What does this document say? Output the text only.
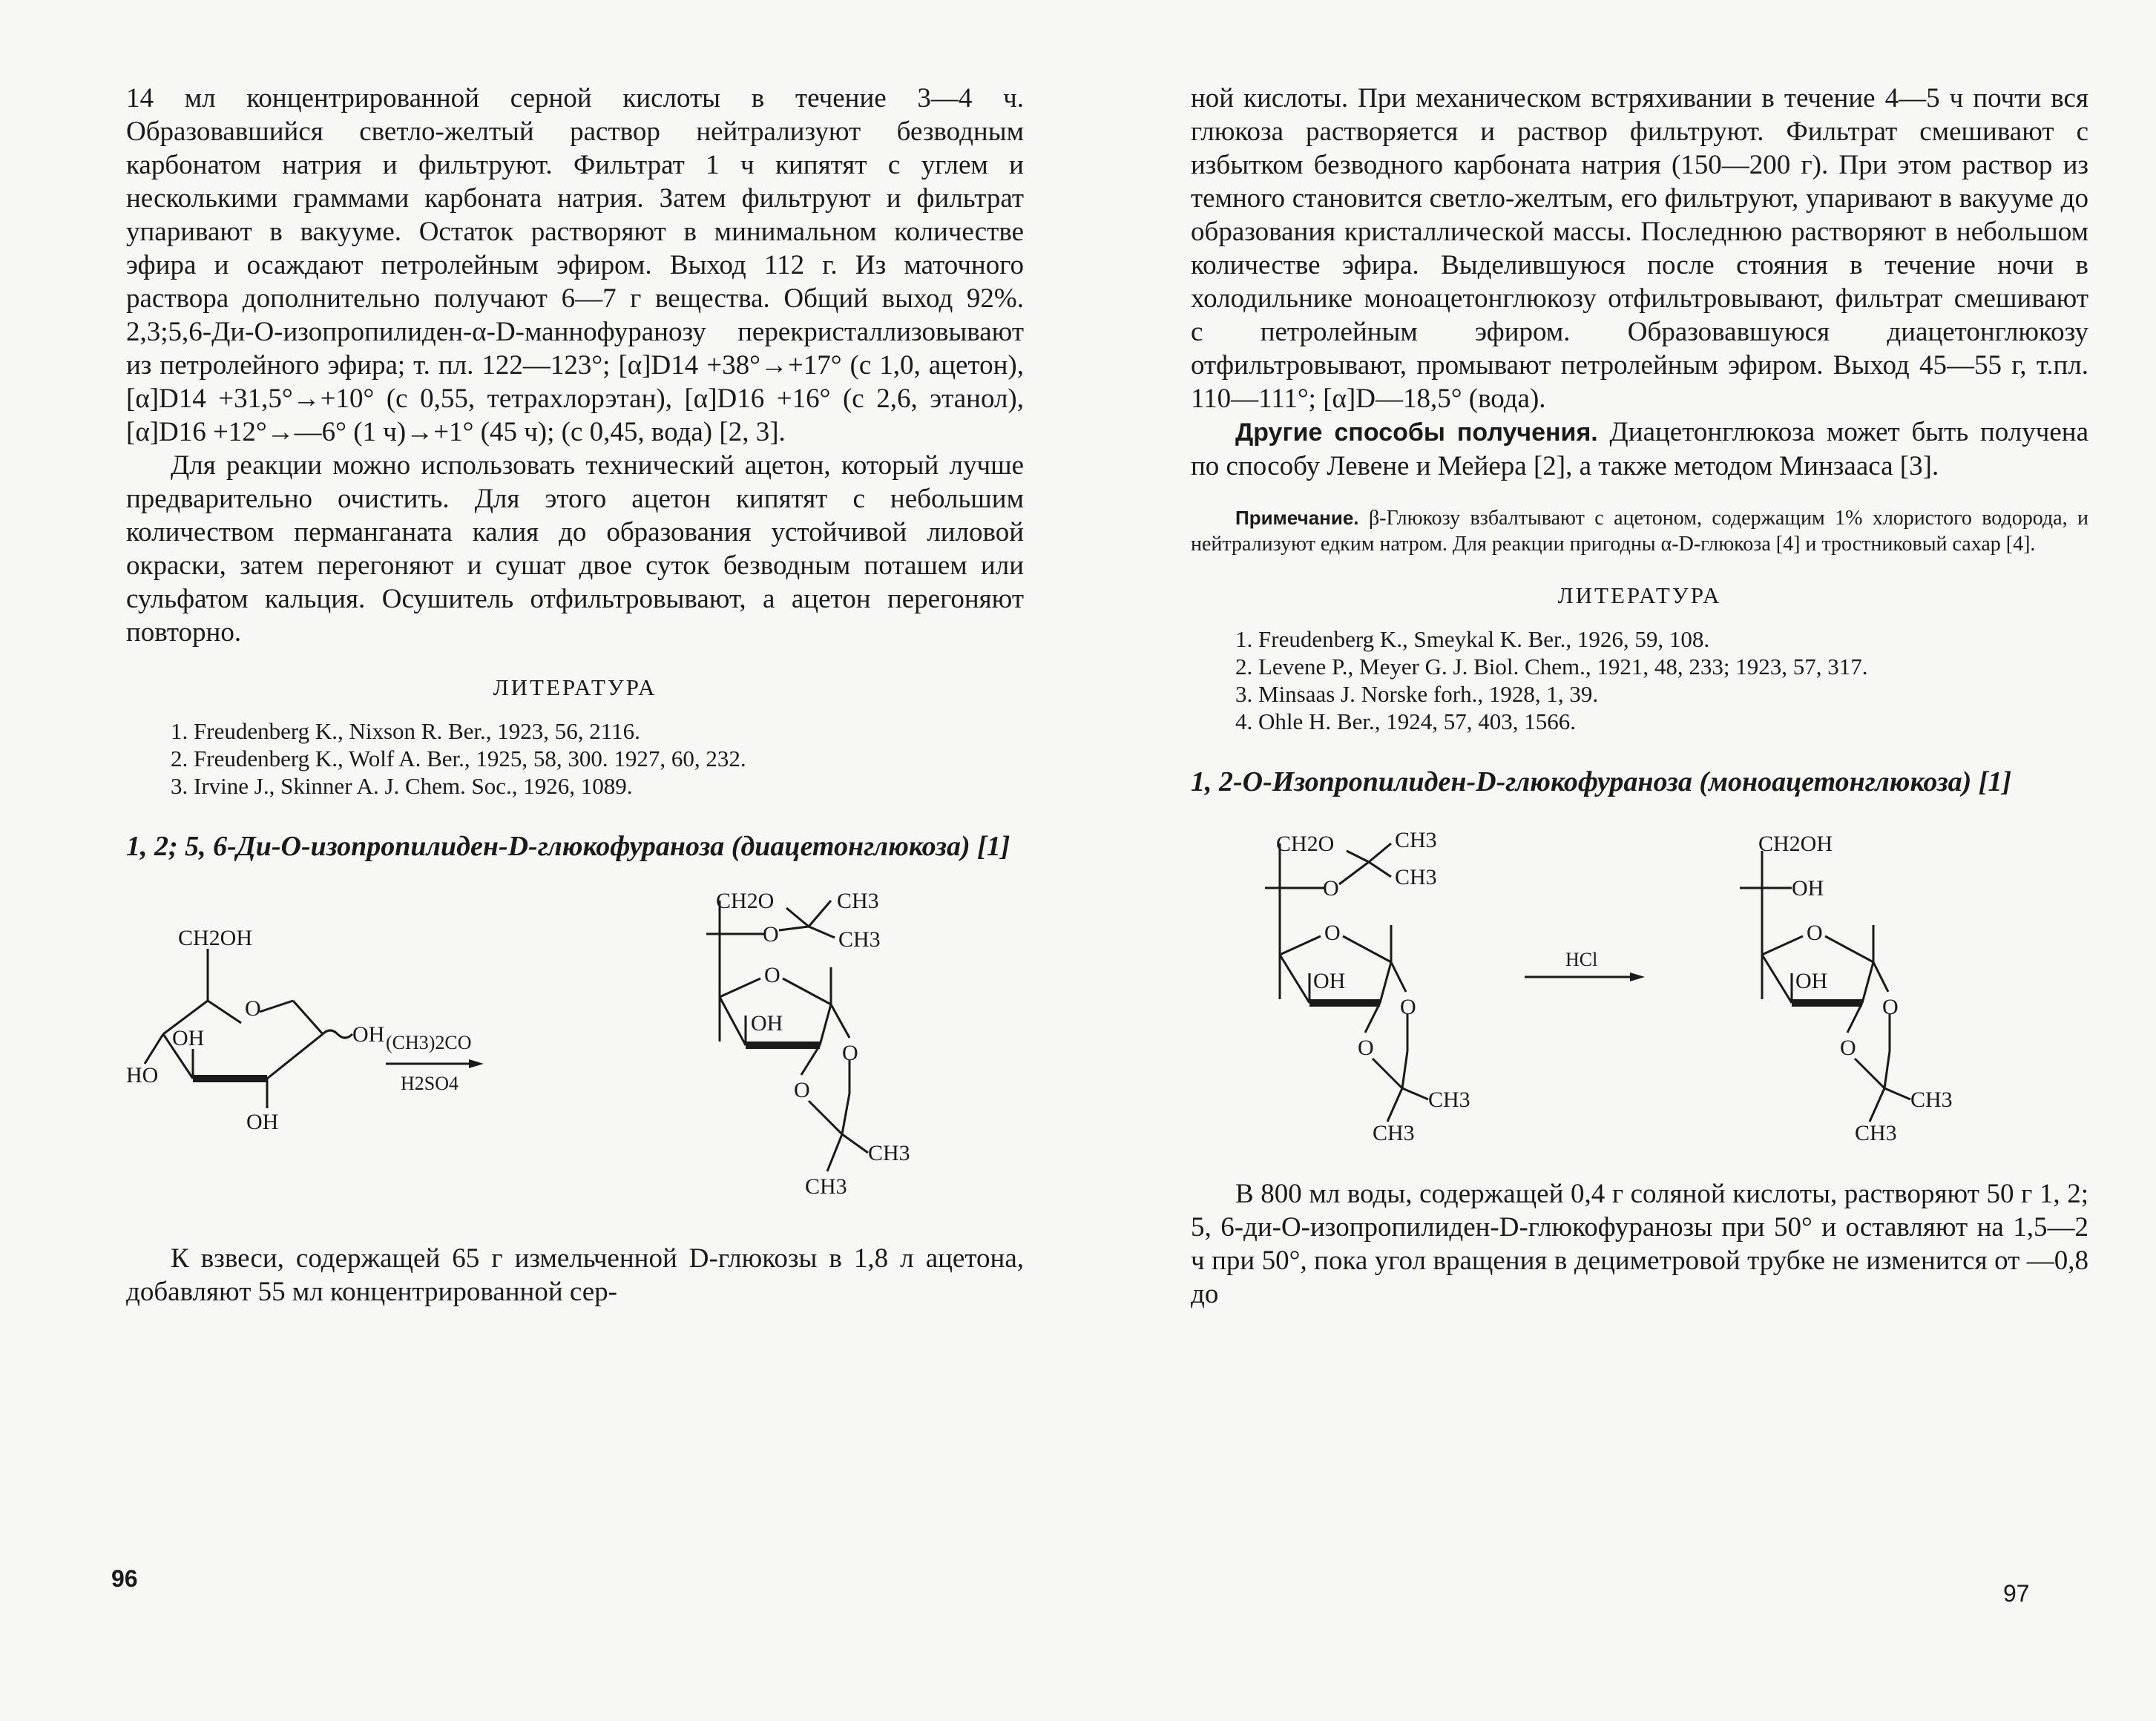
14 мл концентрированной серной кислоты в течение 3—4 ч. Образовавшийся светло-желтый раствор нейтрализуют безводным карбонатом натрия и фильтруют. Фильтрат 1 ч кипятят с углем и несколькими граммами карбоната натрия. Затем фильтруют и фильтрат упаривают в вакууме. Остаток растворяют в минимальном количестве эфира и осаждают петролейным эфиром. Выход 112 г. Из маточного раствора дополнительно получают 6—7 г вещества. Общий выход 92%. 2,3;5,6-Ди-О-изопропилиден-α-D-маннофуранозу перекристаллизовывают из петролейного эфира; т. пл. 122—123°; [α]D14 +38°→+17° (с 1,0, ацетон), [α]D14 +31,5°→+10° (с 0,55, тетрахлорэтан), [α]D16 +16° (с 2,6, этанол), [α]D16 +12°→—6° (1 ч)→+1° (45 ч); (с 0,45, вода) [2, 3].

Для реакции можно использовать технический ацетон, который лучше предварительно очистить. Для этого ацетон кипятят с небольшим количеством перманганата калия до образования устойчивой лиловой окраски, затем перегоняют и сушат двое суток безводным поташем или сульфатом кальция. Осушитель отфильтровывают, а ацетон перегоняют повторно.

ЛИТЕРАТУРА

1. Freudenberg K., Nixson R. Ber., 1923, 56, 2116.

2. Freudenberg K., Wolf A. Ber., 1925, 58, 300. 1927, 60, 232.

3. Irvine J., Skinner A. J. Chem. Soc., 1926, 1089.

1, 2; 5, 6-Ди-О-изопропилиден-D-глюкофураноза (диацетонглюкоза) [1]
CH2OH
O
OH
OH
HO
OH
(CH3)2CO
H2SO4
CH2O	CH3
CH3
O
O
OH
O
O
CH3
CH3

К взвеси, содержащей 65 г измельченной D-глюкозы в 1,8 л ацетона, добавляют 55 мл концентрированной сер-

96

ной кислоты. При механическом встряхивании в течение 4—5 ч почти вся глюкоза растворяется и раствор фильтруют. Фильтрат смешивают с избытком безводного карбоната натрия (150—200 г). При этом раствор из темного становится светло-желтым, его фильтруют, упаривают в вакууме до образования кристаллической массы. Последнюю растворяют в небольшом количестве эфира. Выделившуюся после стояния в течение ночи в холодильнике моноацетонглюкозу отфильтровывают, фильтрат смешивают с петролейным эфиром. Образовавшуюся диацетонглюкозу отфильтровывают, промывают петролейным эфиром. Выход 45—55 г, т.пл. 110—111°; [α]D—18,5° (вода).

Другие способы получения. Диацетонглюкоза может быть получена по способу Левене и Мейера [2], а также методом Минзааса [3].

Примечание. β-Глюкозу взбалтывают с ацетоном, содержащим 1% хлористого водорода, и нейтрализуют едким натром. Для реакции пригодны α-D-глюкоза [4] и тростниковый сахар [4].

ЛИТЕРАТУРА

1. Freudenberg K., Smeykal K. Ber., 1926, 59, 108.

2. Levene P., Meyer G. J. Biol. Chem., 1921, 48, 233; 1923, 57, 317.

3. Minsaas J. Norske forh., 1928, 1, 39.

4. Ohle H. Ber., 1924, 57, 403, 1566.

1, 2-О-Изопропилиден-D-глюкофураноза (моноацетонглюкоза) [1]
CH2O	CH3
CH3
O
O
OH
O
O
CH3
CH3
HCl
CH2OH
OH
O
OH
O
O
CH3
CH3

В 800 мл воды, содержащей 0,4 г соляной кислоты, растворяют 50 г 1, 2; 5, 6-ди-О-изопропилиден-D-глюкофуранозы при 50° и оставляют на 1,5—2 ч при 50°, пока угол вращения в дециметровой трубке не изменится от —0,8 до

97
